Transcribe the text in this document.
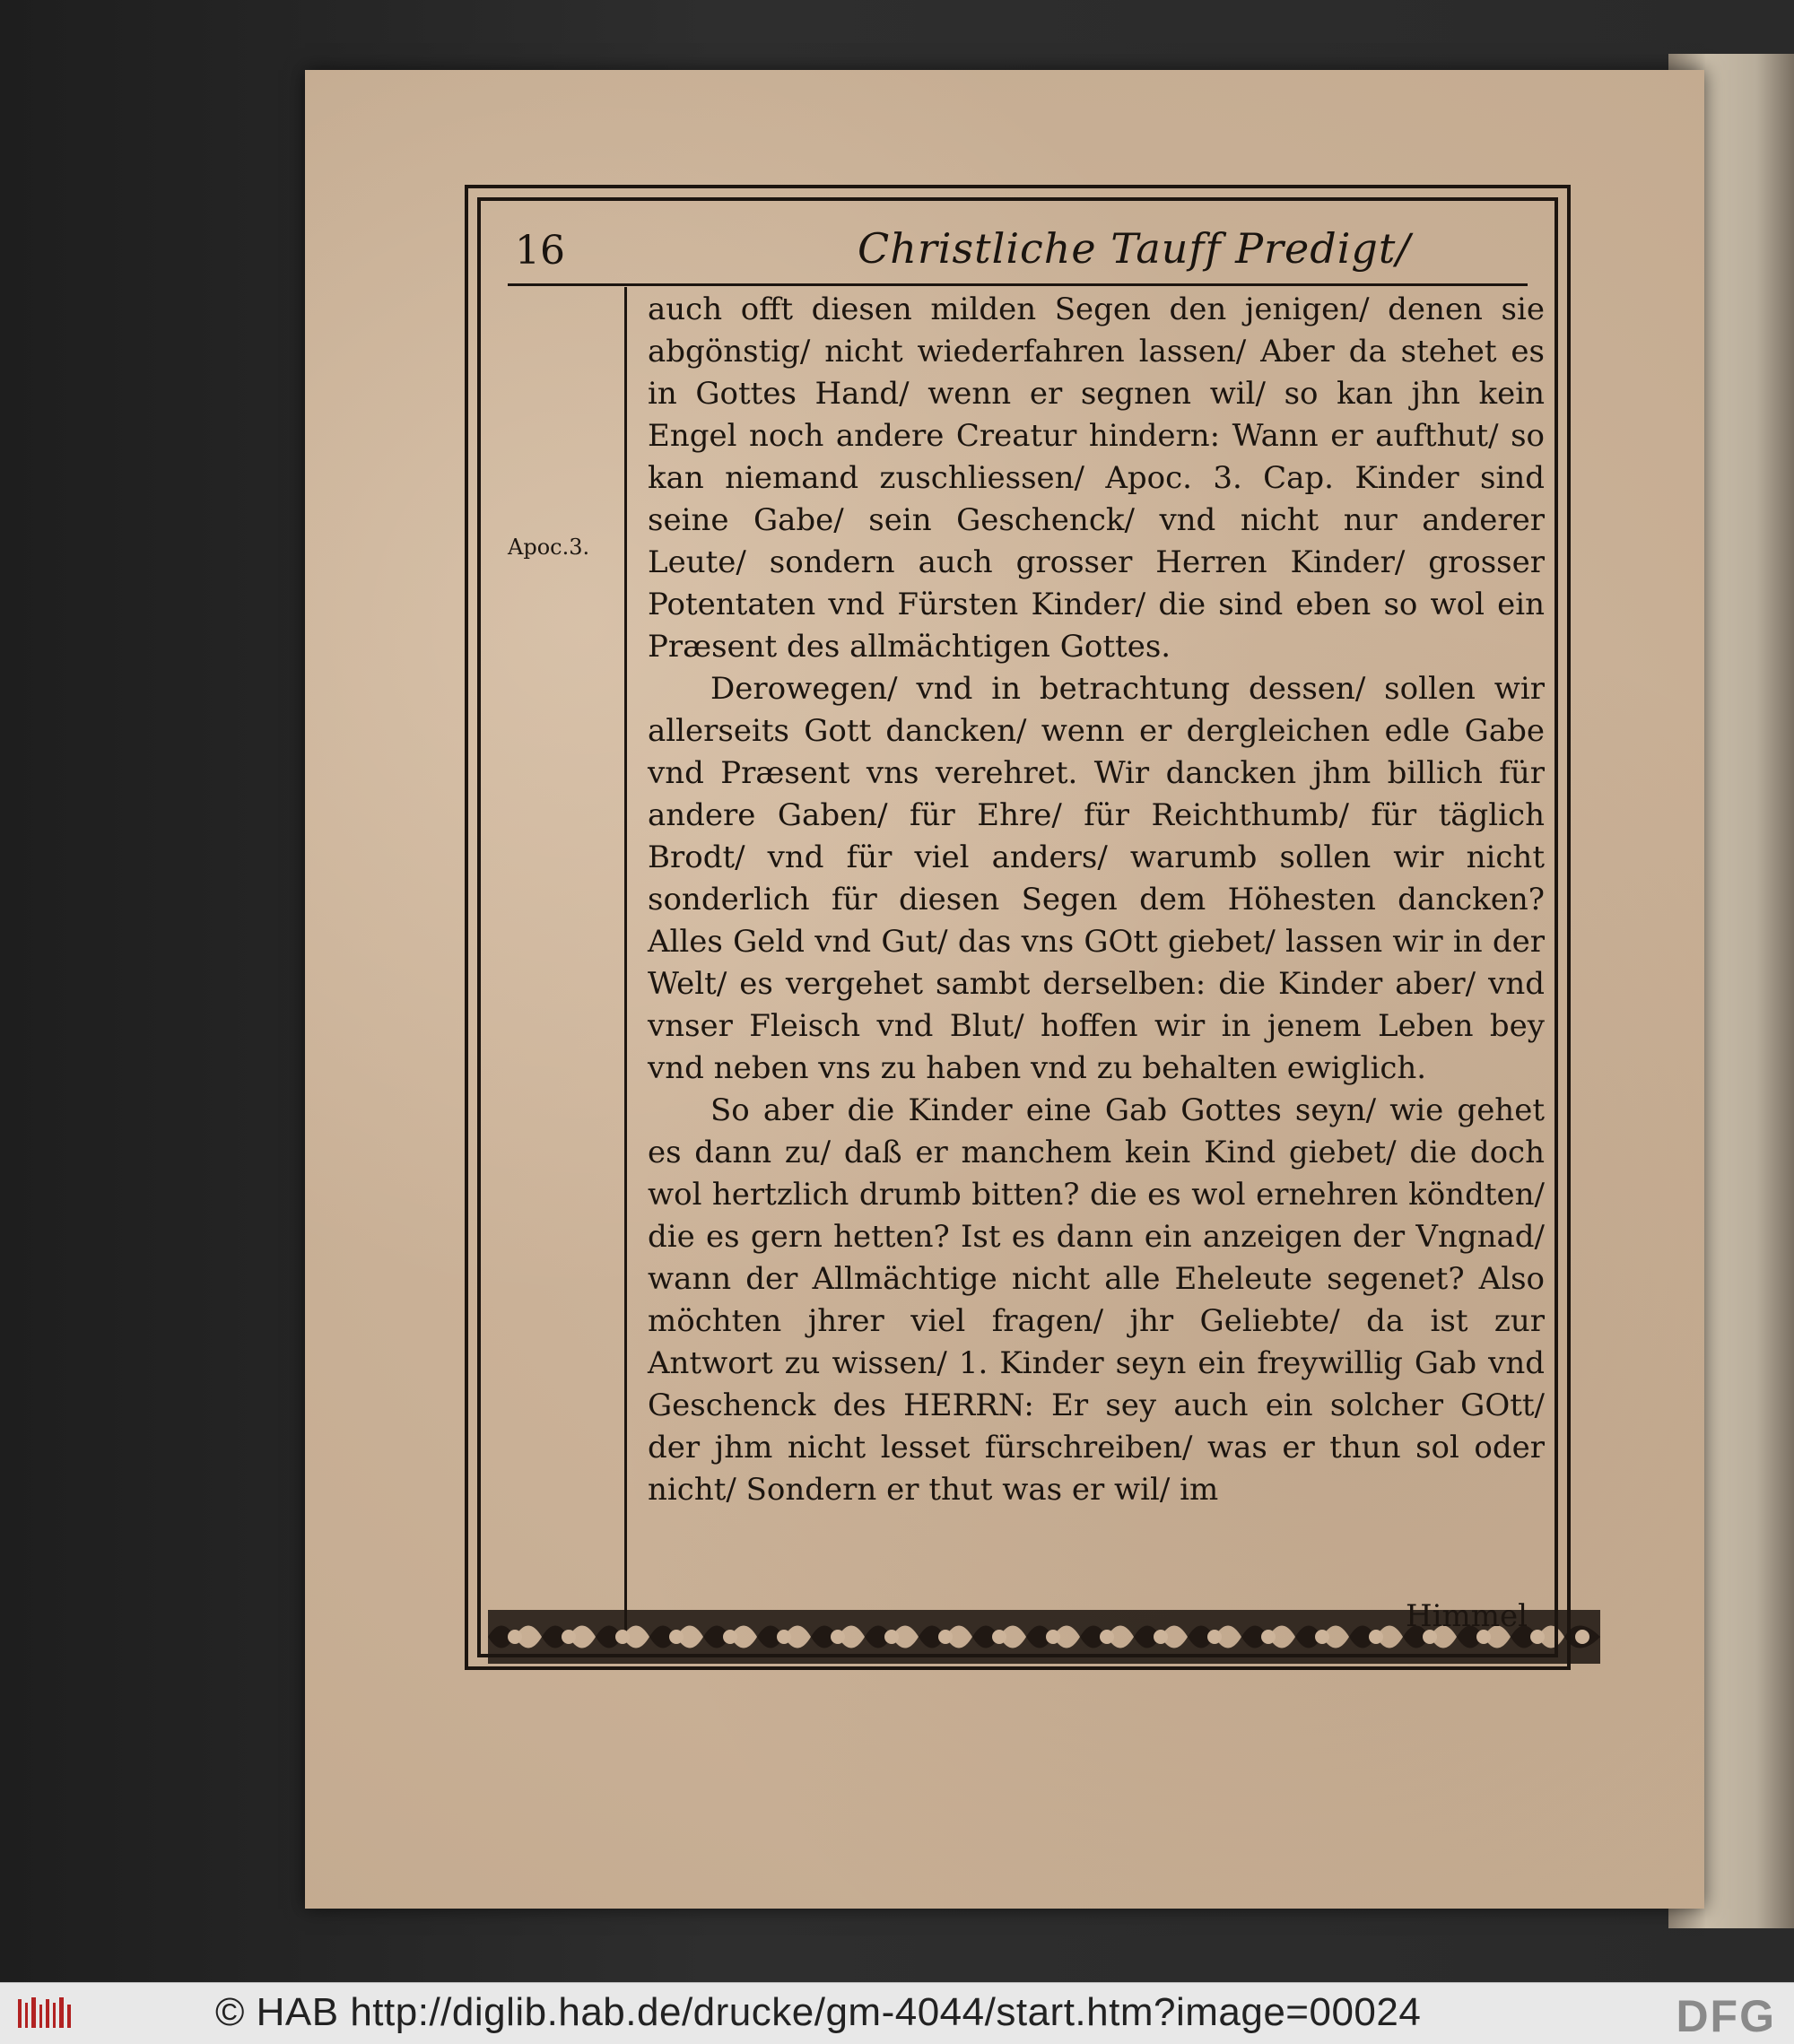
16	Christliche Tauff Predigt/
Apoc.3.

auch offt diesen milden Segen den jenigen/ denen sie abgönstig/ nicht wiederfahren lassen/ Aber da stehet es in Gottes Hand/ wenn er segnen wil/ so kan jhn kein Engel noch andere Creatur hindern: Wann er aufthut/ so kan niemand zuschliessen/ Apoc. 3. Cap. Kinder sind seine Gabe/ sein Geschenck/ vnd nicht nur anderer Leute/ sondern auch grosser Herren Kinder/ grosser Potentaten vnd Fürsten Kinder/ die sind eben so wol ein Præsent des allmächtigen Gottes.

Derowegen/ vnd in betrachtung dessen/ sollen wir allerseits Gott dancken/ wenn er dergleichen edle Gabe vnd Præsent vns verehret. Wir dancken jhm billich für andere Gaben/ für Ehre/ für Reichthumb/ für täglich Brodt/ vnd für viel anders/ warumb sollen wir nicht sonderlich für diesen Segen dem Höhesten dancken? Alles Geld vnd Gut/ das vns GOtt giebet/ lassen wir in der Welt/ es vergehet sambt derselben: die Kinder aber/ vnd vnser Fleisch vnd Blut/ hoffen wir in jenem Leben bey vnd neben vns zu haben vnd zu behalten ewiglich.

So aber die Kinder eine Gab Gottes seyn/ wie gehet es dann zu/ daß er manchem kein Kind giebet/ die doch wol hertzlich drumb bitten? die es wol ernehren köndten/ die es gern hetten? Ist es dann ein anzeigen der Vngnad/ wann der Allmächtige nicht alle Eheleute segenet? Also möchten jhrer viel fragen/ jhr Geliebte/ da ist zur Antwort zu wissen/ 1. Kinder seyn ein freywillig Gab vnd Geschenck des HERRN: Er sey auch ein solcher GOtt/ der jhm nicht lesset fürschreiben/ was er thun sol oder nicht/ Sondern er thut was er wil/ im

© HAB http://diglib.hab.de/drucke/gm-4044/start.htm?image=00024	DFG
